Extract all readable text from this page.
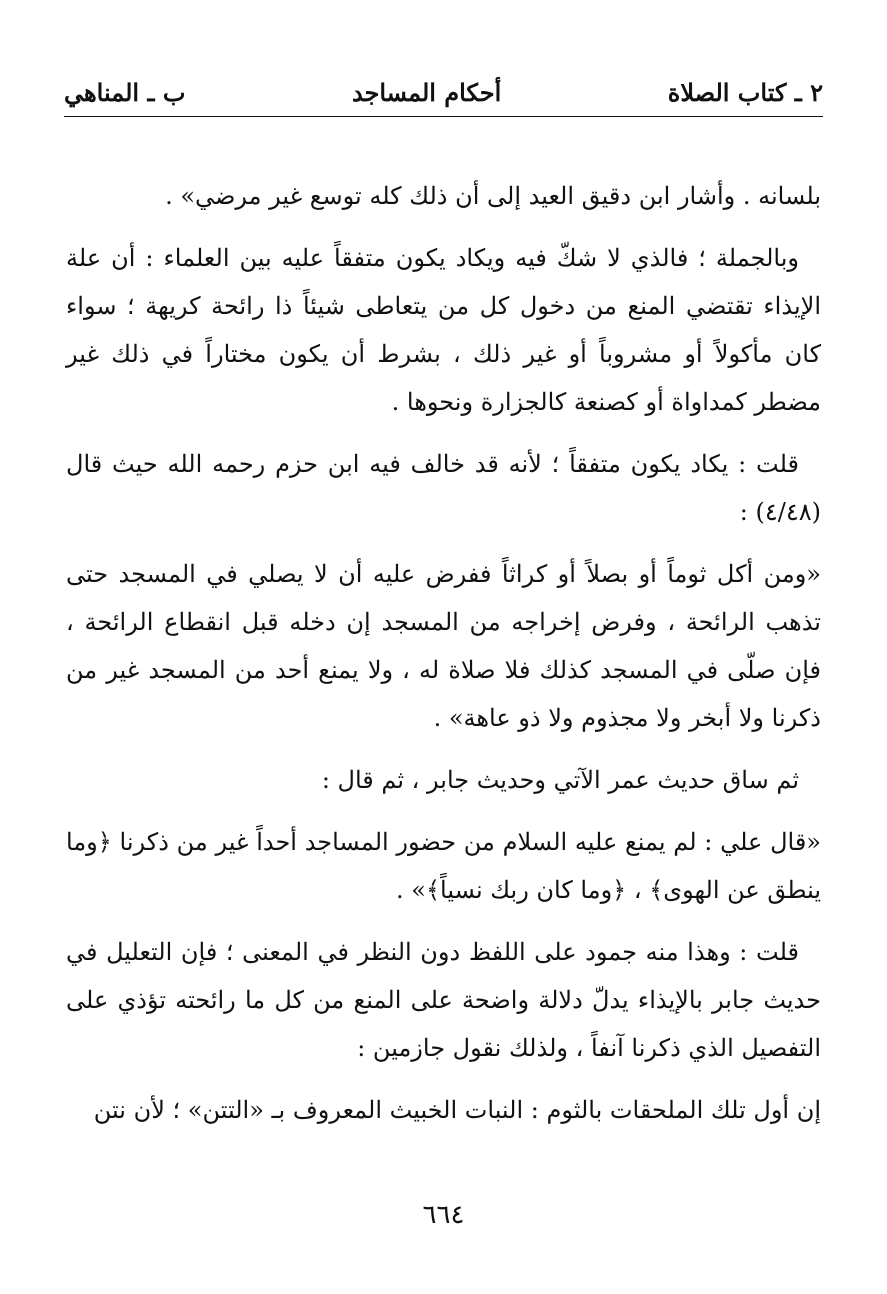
٢ ـ كتاب الصلاة
أحكام المساجد
ب ـ المناهي

بلسانه . وأشار ابن دقيق العيد إلى أن ذلك كله توسع غير مرضي» .

وبالجملة ؛ فالذي لا شكّ فيه ويكاد يكون متفقاً عليه بين العلماء : أن علة الإيذاء تقتضي المنع من دخول كل من يتعاطى شيئاً ذا رائحة كريهة ؛ سواء كان مأكولاً أو مشروباً أو غير ذلك ، بشرط أن يكون مختاراً في ذلك غير مضطر كمداواة أو كصنعة كالجزارة ونحوها .

قلت : يكاد يكون متفقاً ؛ لأنه قد خالف فيه ابن حزم رحمه الله حيث قال (٤/٤٨) :

«ومن أكل ثوماً أو بصلاً أو كراثاً ففرض عليه أن لا يصلي في المسجد حتى تذهب الرائحة ، وفرض إخراجه من المسجد إن دخله قبل انقطاع الرائحة ، فإن صلّى في المسجد كذلك فلا صلاة له ، ولا يمنع أحد من المسجد غير من ذكرنا ولا أبخر ولا مجذوم ولا ذو عاهة» .

ثم ساق حديث عمر الآتي وحديث جابر ، ثم قال :

«قال علي : لم يمنع عليه السلام من حضور المساجد أحداً غير من ذكرنا ﴿وما ينطق عن الهوى﴾ ، ﴿وما كان ربك نسياً﴾» .

قلت : وهذا منه جمود على اللفظ دون النظر في المعنى ؛ فإن التعليل في حديث جابر بالإيذاء يدلّ دلالة واضحة على المنع من كل ما رائحته تؤذي على التفصيل الذي ذكرنا آنفاً ، ولذلك نقول جازمين :

إن أول تلك الملحقات بالثوم : النبات الخبيث المعروف بـ «التتن» ؛ لأن نتن

٦٦٤
